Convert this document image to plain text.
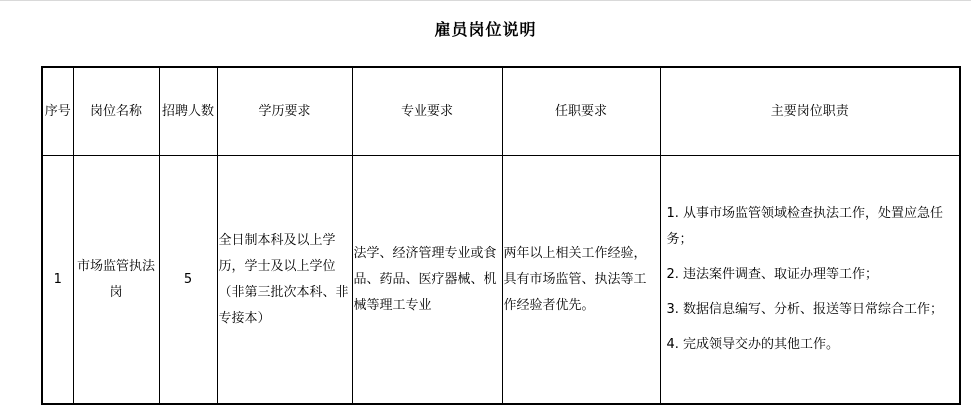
雇员岗位说明
序号	岗位名称	招聘人数	学历要求	专业要求	任职要求	主要岗位职责
1	市场监管执法岗	5	全日制本科及以上学历，学士及以上学位（非第三批次本科、非专接本）	法学、经济管理专业或食品、药品、医疗器械、机械等理工专业	两年以上相关工作经验，具有市场监管、执法等工作经验者优先。	1. 从事市场监管领域检查执法工作，处置应急任务；

2. 违法案件调查、取证办理等工作；

3. 数据信息编写、分析、报送等日常综合工作；

4. 完成领导交办的其他工作。
